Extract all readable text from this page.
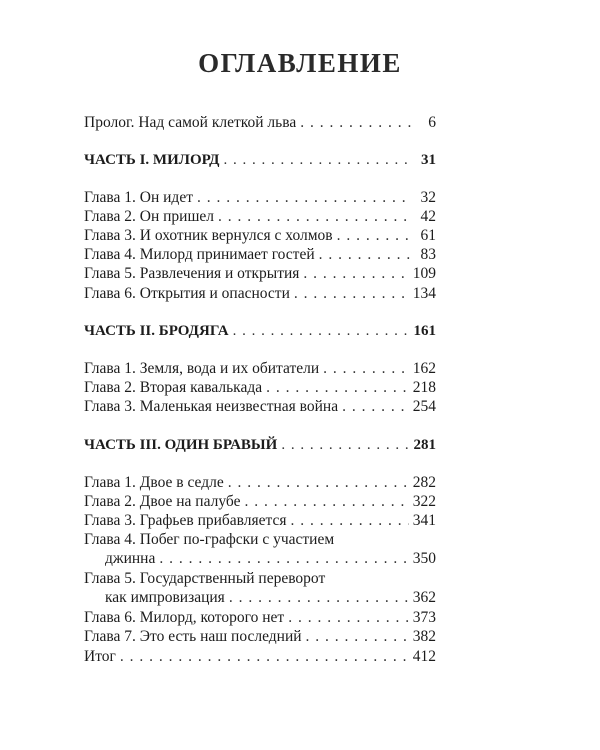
ОГЛАВЛЕНИЕ
Пролог. Над самой клеткой льва . . .	6
ЧАСТЬ I. МИЛОРД . . .	31
Глава 1. Он идет . . .	32
Глава 2. Он пришел . . .	42
Глава 3. И охотник вернулся с холмов . . .	61
Глава 4. Милорд принимает гостей . . .	83
Глава 5. Развлечения и открытия . . .	109
Глава 6. Открытия и опасности . . .	134
ЧАСТЬ II. БРОДЯГА . . .	161
Глава 1. Земля, вода и их обитатели . . .	162
Глава 2. Вторая кавалькада . . .	218
Глава 3. Маленькая неизвестная война . . .	254
ЧАСТЬ III. ОДИН БРАВЫЙ . . .	281
Глава 1. Двое в седле . . .	282
Глава 2. Двое на палубе . . .	322
Глава 3. Графьев прибавляется . . .	341
Глава 4. Побег по-графски с участием
джинна . . .	350
Глава 5. Государственный переворот
как импровизация . . .	362
Глава 6. Милорд, которого нет . . .	373
Глава 7. Это есть наш последний . . .	382
Итог . . .	412
